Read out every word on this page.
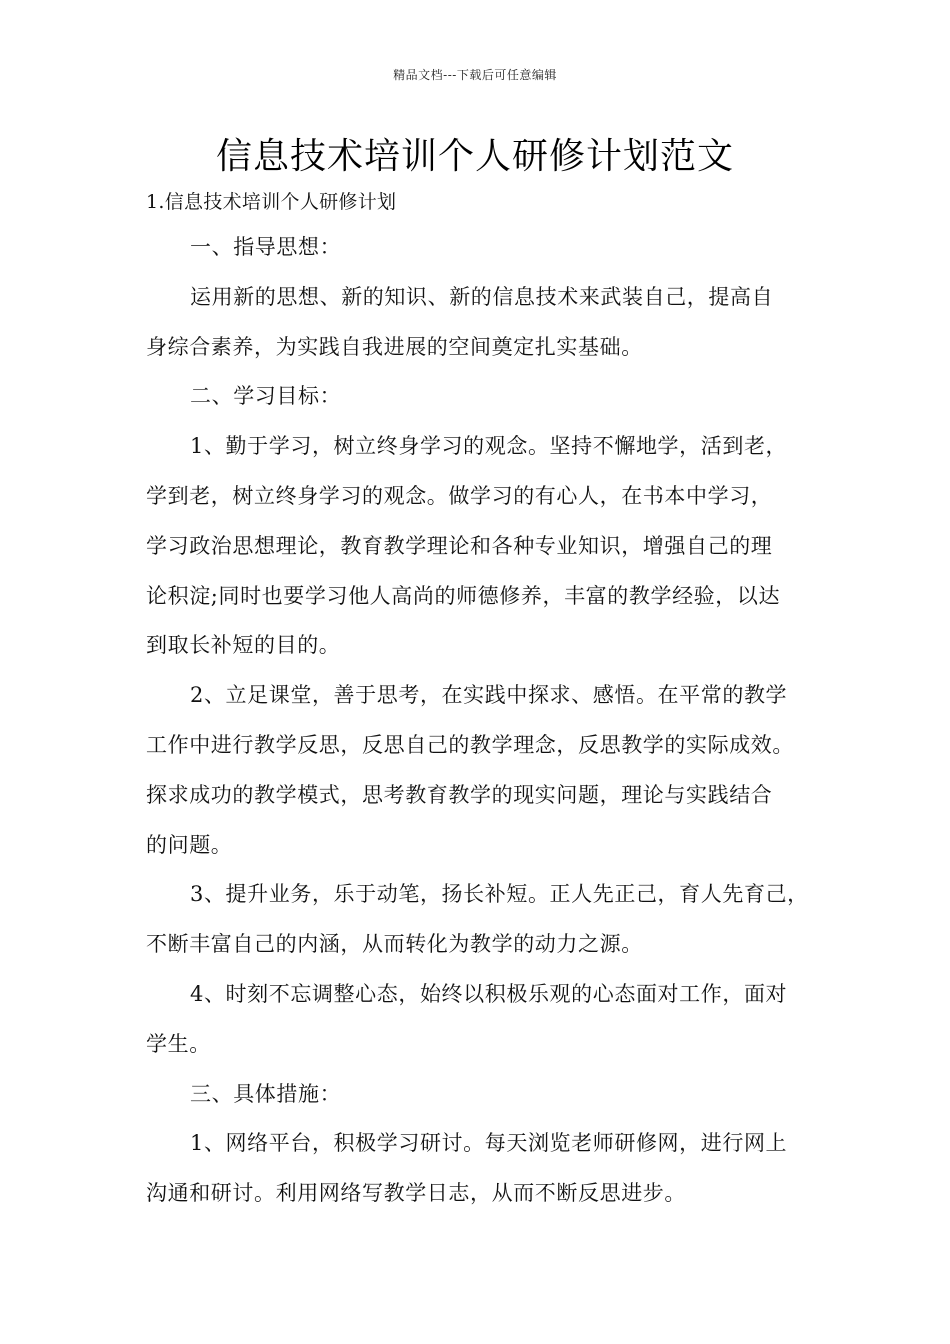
精品文档---下载后可任意编辑
信息技术培训个人研修计划范文
1.信息技术培训个人研修计划
一、指导思想：
运用新的思想、新的知识、新的信息技术来武装自己，提高自
身综合素养，为实践自我进展的空间奠定扎实基础。
二、学习目标：
1、勤于学习，树立终身学习的观念。坚持不懈地学，活到老，
学到老，树立终身学习的观念。做学习的有心人，在书本中学习，
学习政治思想理论，教育教学理论和各种专业知识，增强自己的理
论积淀;同时也要学习他人高尚的师德修养，丰富的教学经验，以达
到取长补短的目的。
2、立足课堂，善于思考，在实践中探求、感悟。在平常的教学
工作中进行教学反思，反思自己的教学理念，反思教学的实际成效。
探求成功的教学模式，思考教育教学的现实问题，理论与实践结合
的问题。
3、提升业务，乐于动笔，扬长补短。正人先正己，育人先育己，
不断丰富自己的内涵，从而转化为教学的动力之源。
4、时刻不忘调整心态，始终以积极乐观的心态面对工作，面对
学生。
三、具体措施：
1、网络平台，积极学习研讨。每天浏览老师研修网，进行网上
沟通和研讨。利用网络写教学日志，从而不断反思进步。
